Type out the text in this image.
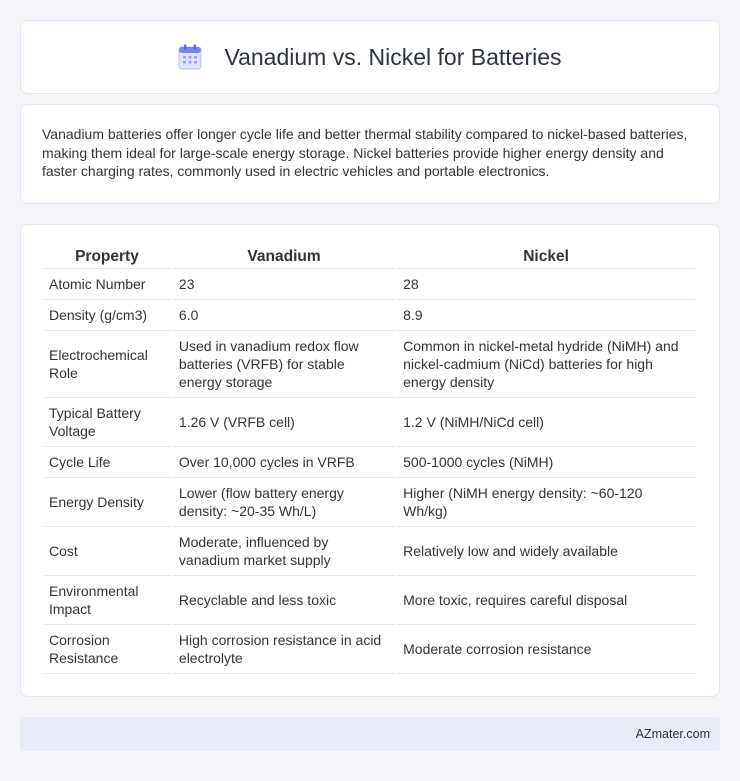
Vanadium vs. Nickel for Batteries

Vanadium batteries offer longer cycle life and better thermal stability compared to nickel-based batteries, making them ideal for large-scale energy storage. Nickel batteries provide higher energy density and faster charging rates, commonly used in electric vehicles and portable electronics.

Property	Vanadium	Nickel
Atomic Number	23	28
Density (g/cm3)	6.0	8.9
Electrochemical Role	Used in vanadium redox flow batteries (VRFB) for stable energy storage	Common in nickel-metal hydride (NiMH) and nickel-cadmium (NiCd) batteries for high energy density
Typical Battery Voltage	1.26 V (VRFB cell)	1.2 V (NiMH/NiCd cell)
Cycle Life	Over 10,000 cycles in VRFB	500-1000 cycles (NiMH)
Energy Density	Lower (flow battery energy density: ~20-35 Wh/L)	Higher (NiMH energy density: ~60-120 Wh/kg)
Cost	Moderate, influenced by vanadium market supply	Relatively low and widely available
Environmental Impact	Recyclable and less toxic	More toxic, requires careful disposal
Corrosion Resistance	High corrosion resistance in acid electrolyte	Moderate corrosion resistance
AZmater.com
